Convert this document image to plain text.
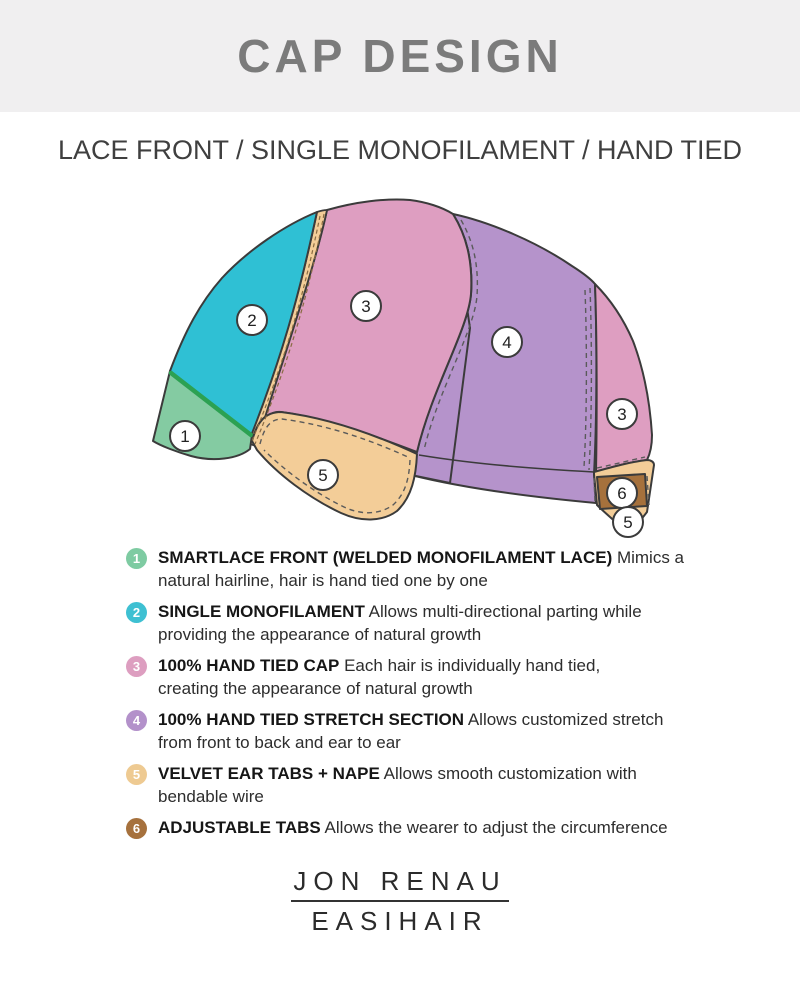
CAP DESIGN
LACE FRONT / SINGLE MONOFILAMENT / HAND TIED
1
2
3
4
3
5
6
5
1	SMARTLACE FRONT (WELDED MONOFILAMENT LACE) Mimics a
natural hairline, hair is hand tied one by one
2	SINGLE MONOFILAMENT Allows multi-directional parting while
providing the appearance of natural growth
3	100% HAND TIED CAP Each hair is individually hand tied,
creating the appearance of natural growth
4	100% HAND TIED STRETCH SECTION Allows customized stretch
from front to back and ear to ear
5	VELVET EAR TABS + NAPE Allows smooth customization with
bendable wire
6	ADJUSTABLE TABS Allows the wearer to adjust the circumference
JON RENAU
EASIHAIR
